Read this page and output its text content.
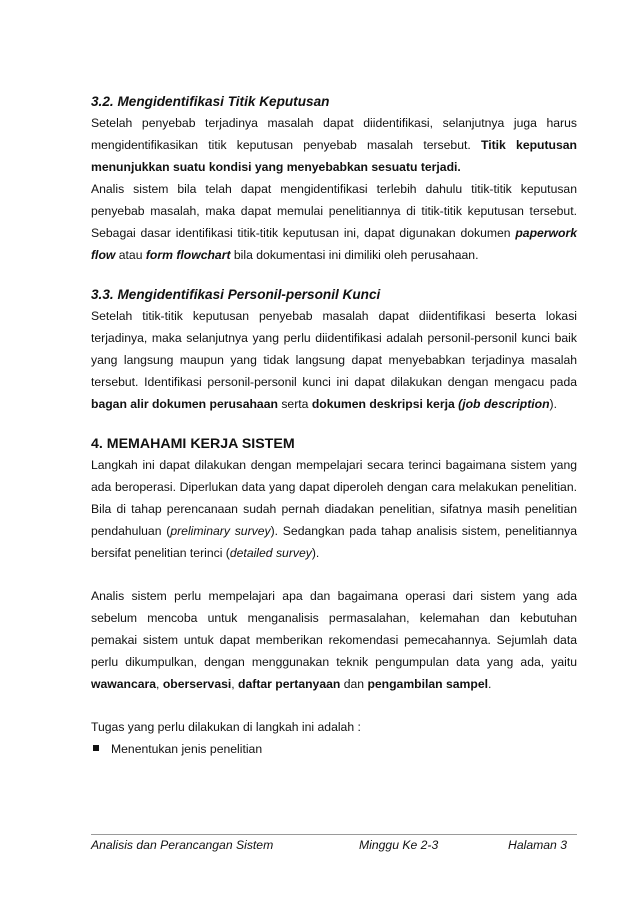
3.2. Mengidentifikasi Titik Keputusan

Setelah penyebab terjadinya masalah dapat diidentifikasi, selanjutnya juga harus mengidentifikasikan titik keputusan penyebab masalah tersebut. Titik keputusan menunjukkan suatu kondisi yang menyebabkan sesuatu terjadi.

Analis sistem bila telah dapat mengidentifikasi terlebih dahulu titik-titik keputusan penyebab masalah, maka dapat memulai penelitiannya di titik-titik keputusan tersebut. Sebagai dasar identifikasi titik-titik keputusan ini, dapat digunakan dokumen paperwork flow atau form flowchart bila dokumentasi ini dimiliki oleh perusahaan.

3.3. Mengidentifikasi Personil-personil Kunci

Setelah titik-titik keputusan penyebab masalah dapat diidentifikasi beserta lokasi terjadinya, maka selanjutnya yang perlu diidentifikasi adalah personil-personil kunci baik yang langsung maupun yang tidak langsung dapat menyebabkan terjadinya masalah tersebut. Identifikasi personil-personil kunci ini dapat dilakukan dengan mengacu pada bagan alir dokumen perusahaan serta dokumen deskripsi kerja (job description).

4. MEMAHAMI KERJA SISTEM

Langkah ini dapat dilakukan dengan mempelajari secara terinci bagaimana sistem yang ada beroperasi. Diperlukan data yang dapat diperoleh dengan cara melakukan penelitian. Bila di tahap perencanaan sudah pernah diadakan penelitian, sifatnya masih penelitian pendahuluan (preliminary survey). Sedangkan pada tahap analisis sistem, penelitiannya bersifat penelitian terinci (detailed survey).

Analis sistem perlu mempelajari apa dan bagaimana operasi dari sistem yang ada sebelum mencoba untuk menganalisis permasalahan, kelemahan dan kebutuhan pemakai sistem untuk dapat memberikan rekomendasi pemecahannya. Sejumlah data perlu dikumpulkan, dengan menggunakan teknik pengumpulan data yang ada, yaitu wawancara, oberservasi, daftar pertanyaan dan pengambilan sampel.

Tugas yang perlu dilakukan di langkah ini adalah :

Menentukan jenis penelitian
Analisis dan Perancangan Sistem	Minggu Ke 2-3	Halaman 3
